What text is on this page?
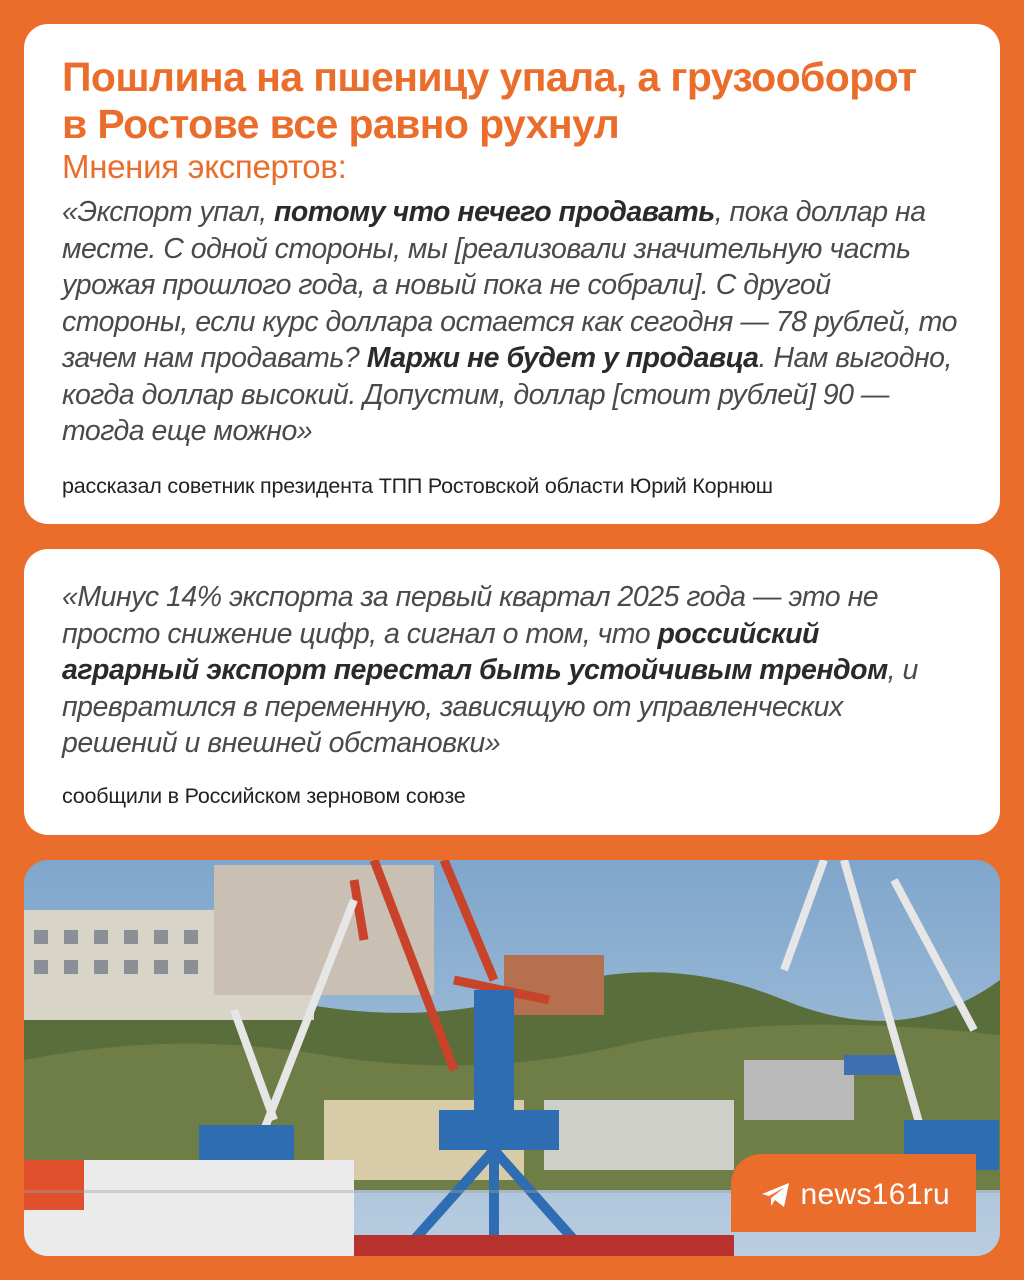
Пошлина на пшеницу упала, а грузооборот
в Ростове все равно рухнул

Мнения экспертов:

«Экспорт упал, потому что нечего продавать, пока доллар на месте. С одной стороны, мы [реализовали значительную часть урожая прошлого года, а новый пока не собрали]. С другой стороны, если курс доллара остается как сегодня — 78 рублей, то зачем нам продавать? Маржи не будет у продавца. Нам выгодно, когда доллар высокий. Допустим, доллар [стоит рублей] 90 — тогда еще можно»

рассказал советник президента ТПП Ростовской области Юрий Корнюш

«Минус 14% экспорта за первый квартал 2025 года — это не просто снижение цифр, а сигнал о том, что российский аграрный экспорт перестал быть устойчивым трендом, и превратился в переменную, зависящую от управленческих решений и внешней обстановки»

сообщили в Российском зерновом союзе

news161ru
